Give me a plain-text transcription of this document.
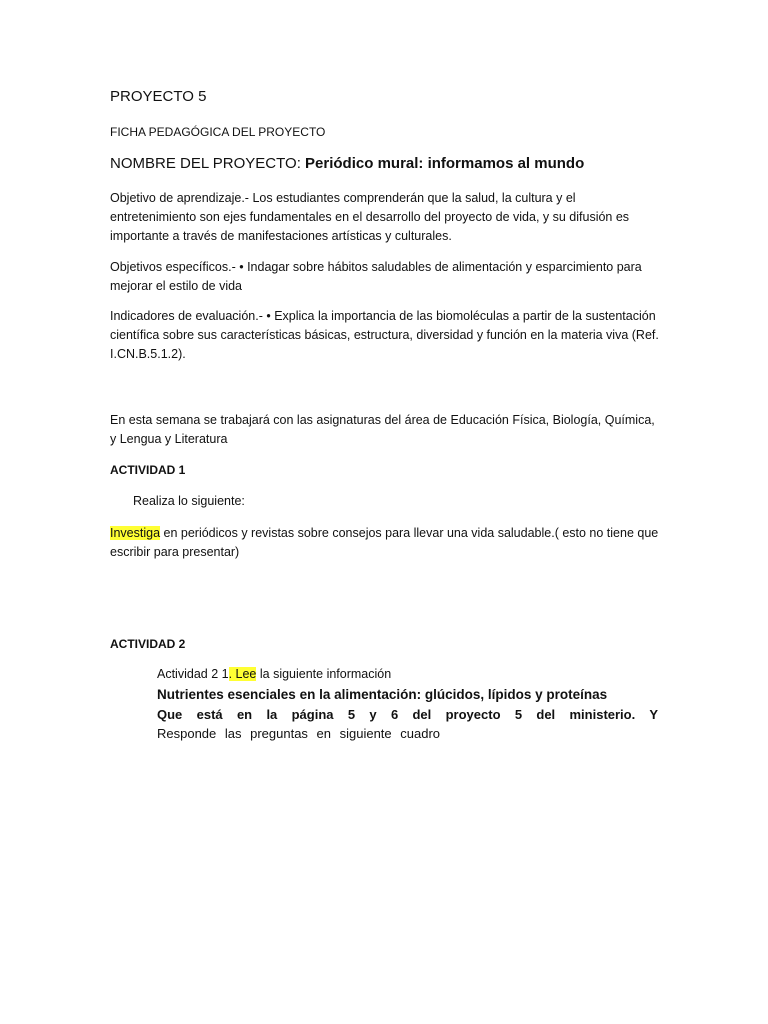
PROYECTO 5
FICHA PEDAGÓGICA DEL PROYECTO
NOMBRE DEL PROYECTO: Periódico mural: informamos al mundo
Objetivo de aprendizaje.- Los estudiantes comprenderán que la salud, la cultura y el entretenimiento son ejes fundamentales en el desarrollo del proyecto de vida, y su difusión es importante a través de manifestaciones artísticas y culturales.
Objetivos específicos.- • Indagar sobre hábitos saludables de alimentación y esparcimiento para mejorar el estilo de vida
Indicadores de evaluación.- • Explica la importancia de las biomoléculas a partir de la sustentación científica sobre sus características básicas, estructura, diversidad y función en la materia viva (Ref. I.CN.B.5.1.2).
En esta semana se trabajará con las asignaturas del área de Educación Física, Biología, Química, y Lengua y Literatura
ACTIVIDAD 1
Realiza lo siguiente:
Investiga en periódicos y revistas sobre consejos para llevar una vida saludable.( esto no tiene que escribir para presentar)
ACTIVIDAD 2
Actividad 2 1. Lee la siguiente información
Nutrientes esenciales en la alimentación: glúcidos, lípidos y proteínas
Que está en la página 5 y 6 del proyecto 5 del ministerio. Y Responde las preguntas en siguiente cuadro
